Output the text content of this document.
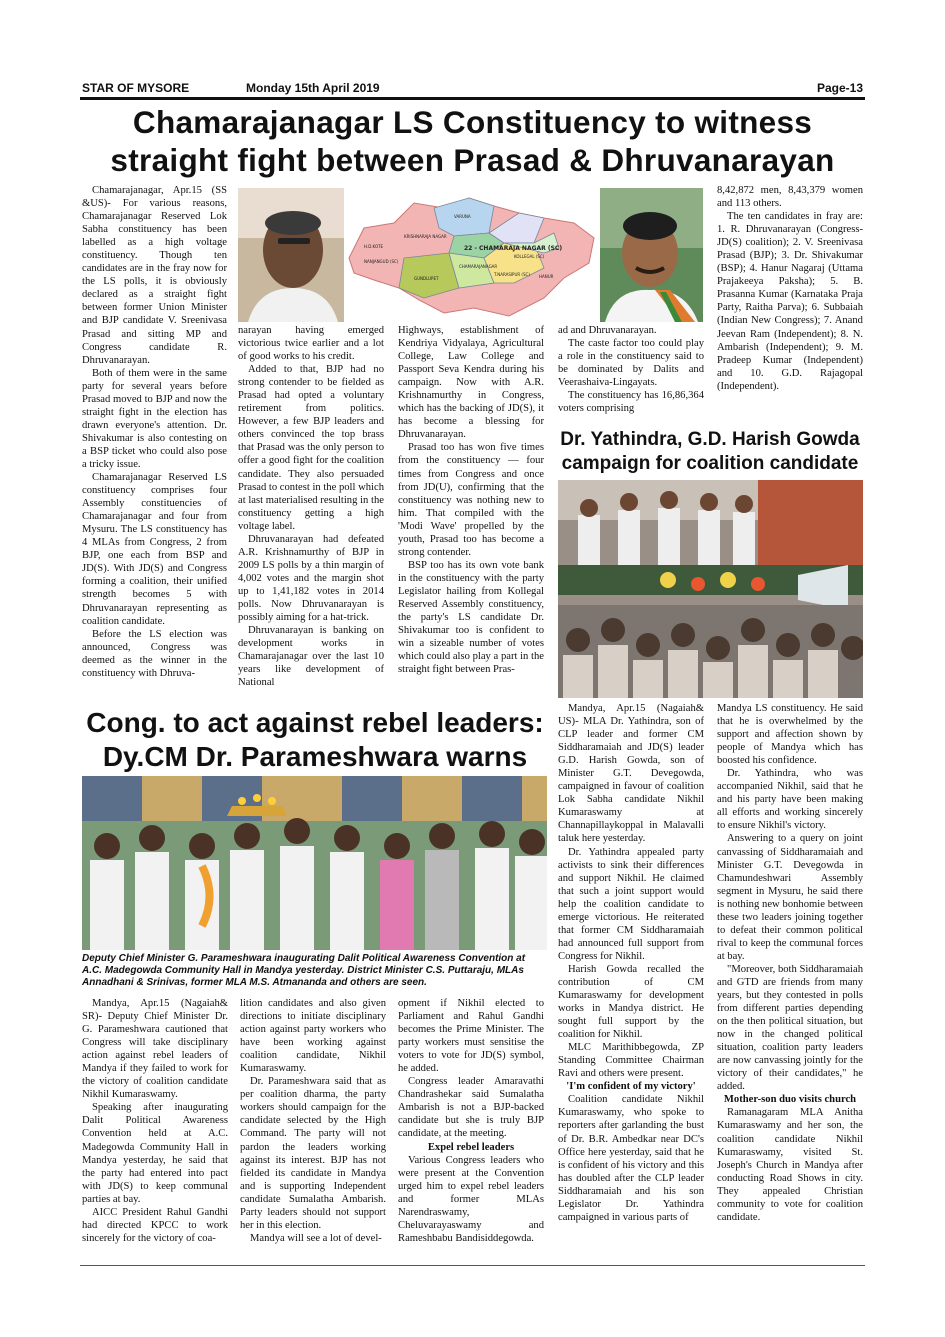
STAR OF MYSORE	Monday 15th April 2019	Page-13
Chamarajanagar LS Constituency to witness
straight fight between Prasad & Dhruvanarayan
22 - CHAMARAJA NAGAR (SC)
KOLLEGAL (SC)
GUNDLUPET	HANUR
NANJANGUD (SC)
T.NARASIPUR (SC)
VARUNA
KRISHNARAJA NAGAR
CHAMARAJANAGAR
H.D.KOTE

Chamarajanagar, Apr.15 (SS &US)- For various reasons, Chamarajanagar Reserved Lok Sabha constituency has been labelled as a high voltage constituency. Though ten candidates are in the fray now for the LS polls, it is obviously declared as a straight fight between former Union Minister and BJP candidate V. Sreenivasa Prasad and sitting MP and Congress candidate R. Dhruvanarayan.

Both of them were in the same party for several years before Prasad moved to BJP and now the straight fight in the election has drawn everyone's attention. Dr. Shivakumar is also contesting on a BSP ticket who could also pose a tricky issue.

Chamarajanagar Reserved LS constituency comprises four Assembly constituencies of Chamarajanagar and four from Mysuru. The LS constituency has 4 MLAs from Congress, 2 from BJP, one each from BSP and JD(S). With JD(S) and Congress forming a coalition, their unified strength becomes 5 with Dhruvanarayan representing as coalition candidate.

Before the LS election was announced, Congress was deemed as the winner in the constituency with Dhruva-

narayan having emerged victorious twice earlier and a lot of good works to his credit.

Added to that, BJP had no strong contender to be fielded as Prasad had opted a voluntary retirement from politics. However, a few BJP leaders and others convinced the top brass that Prasad was the only person to offer a good fight for the coalition candidate. They also persuaded Prasad to contest in the poll which at last materialised resulting in the constituency getting a high voltage label.

Dhruvanarayan had defeated A.R. Krishnamurthy of BJP in 2009 LS polls by a thin margin of 4,002 votes and the margin shot up to 1,41,182 votes in 2014 polls. Now Dhruvanarayan is possibly aiming for a hat-trick.

Dhruvanarayan is banking on development works in Chamarajanagar over the last 10 years like development of National

Highways, establishment of Kendriya Vidyalaya, Agricultural College, Law College and Passport Seva Kendra during his campaign. Now with A.R. Krishnamurthy in Congress, which has the backing of JD(S), it has become a blessing for Dhruvanarayan.

Prasad too has won five times from the constituency — four times from Congress and once from JD(U), confirming that the constituency was nothing new to him. That compiled with the 'Modi Wave' propelled by the youth, Prasad too has become a strong contender.

BSP too has its own vote bank in the constituency with the party Legislator hailing from Kollegal Reserved Assembly constituency, the party's LS candidate Dr. Shivakumar too is confident to win a sizeable number of votes which could also play a part in the straight fight between Pras-

ad and Dhruvanarayan.

The caste factor too could play a role in the constituency said to be dominated by Dalits and Veerashaiva-Lingayats.

The constituency has 16,86,364 voters comprising

8,42,872 men, 8,43,379 women and 113 others.

The ten candidates in fray are: 1. R. Dhruvanarayan (Congress-JD(S) coalition); 2. V. Sreenivasa Prasad (BJP); 3. Dr. Shivakumar (BSP); 4. Hanur Nagaraj (Uttama Prajakeeya Paksha); 5. B. Prasanna Kumar (Karnataka Praja Party, Raitha Parva); 6. Subbaiah (Indian New Congress); 7. Anand Jeevan Ram (Independent); 8. N. Ambarish (Independent); 9. M. Pradeep Kumar (Independent) and 10. G.D. Rajagopal (Independent).

Dr. Yathindra, G.D. Harish Gowda campaign for coalition candidate

Mandya, Apr.15 (Nagaiah& US)- MLA Dr. Yathindra, son of CLP leader and former CM Siddharamaiah and JD(S) leader G.D. Harish Gowda, son of Minister G.T. Devegowda, campaigned in favour of coalition Lok Sabha candidate Nikhil Kumaraswamy at Channapillaykoppal in Malavalli taluk here yesterday.

Dr. Yathindra appealed party activists to sink their differences and support Nikhil. He claimed that such a joint support would help the coalition candidate to emerge victorious. He reiterated that former CM Siddharamaiah had announced full support from Congress for Nikhil.

Harish Gowda recalled the contribution of CM Kumaraswamy for development works in Mandya district. He sought full support by the coalition for Nikhil.

MLC Marithibbegowda, ZP Standing Committee Chairman Ravi and others were present.

'I'm confident of my victory'

Coalition candidate Nikhil Kumaraswamy, who spoke to reporters after garlanding the bust of Dr. B.R. Ambedkar near DC's Office here yesterday, said that he is confident of his victory and this has doubled after the CLP leader Siddharamaiah and his son Legislator Dr. Yathindra campaigned in various parts of

Mandya LS constituency. He said that he is overwhelmed by the support and affection shown by people of Mandya which has boosted his confidence.

Dr. Yathindra, who was accompanied Nikhil, said that he and his party have been making all efforts and working sincerely to ensure Nikhil's victory.

Answering to a query on joint canvassing of Siddharamaiah and Minister G.T. Devegowda in Chamundeshwari Assembly segment in Mysuru, he said there is nothing new bonhomie between these two leaders joining together to defeat their common political rival to keep the communal forces at bay.

"Moreover, both Siddharamaiah and GTD are friends from many years, but they contested in polls from different parties depending on the then political situation, but now in the changed political situation, coalition party leaders are now canvassing jointly for the victory of their candidates," he added.

Mother-son duo visits church

Ramanagaram MLA Anitha Kumaraswamy and her son, the coalition candidate Nikhil Kumaraswamy, visited St. Joseph's Church in Mandya after conducting Road Shows in city. They appealed Christian community to vote for coalition candidate.

Cong. to act against rebel leaders:
Dy.CM Dr. Parameshwara warns
Deputy Chief Minister G. Parameshwara inaugurating Dalit Political Awareness Convention at A.C. Madegowda Community Hall in Mandya yesterday. District Minister C.S. Puttaraju, MLAs Annadhani & Srinivas, former MLA M.S. Atmananda and others are seen.

Mandya, Apr.15 (Nagaiah& SR)- Deputy Chief Minister Dr. G. Parameshwara cautioned that Congress will take disciplinary action against rebel leaders of Mandya if they failed to work for the victory of coalition candidate Nikhil Kumaraswamy.

Speaking after inaugurating Dalit Political Awareness Convention held at A.C. Madegowda Community Hall in Mandya yesterday, he said that the party had entered into pact with JD(S) to keep communal parties at bay.

AICC President Rahul Gandhi had directed KPCC to work sincerely for the victory of coa-

lition candidates and also given directions to initiate disciplinary action against party workers who have been working against coalition candidate, Nikhil Kumaraswamy.

Dr. Parameshwara said that as per coalition dharma, the party workers should campaign for the candidate selected by the High Command. The party will not pardon the leaders working against its interest. BJP has not fielded its candidate in Mandya and is supporting Independent candidate Sumalatha Ambarish. Party leaders should not support her in this election.

Mandya will see a lot of devel-

opment if Nikhil elected to Parliament and Rahul Gandhi becomes the Prime Minister. The party workers must sensitise the voters to vote for JD(S) symbol, he added.

Congress leader Amaravathi Chandrashekar said Sumalatha Ambarish is not a BJP-backed candidate but she is truly BJP candidate, at the meeting.

Expel rebel leaders

Various Congress leaders who were present at the Convention urged him to expel rebel leaders and former MLAs Narendraswamy, Cheluvarayaswamy and Rameshbabu Bandisiddegowda.
